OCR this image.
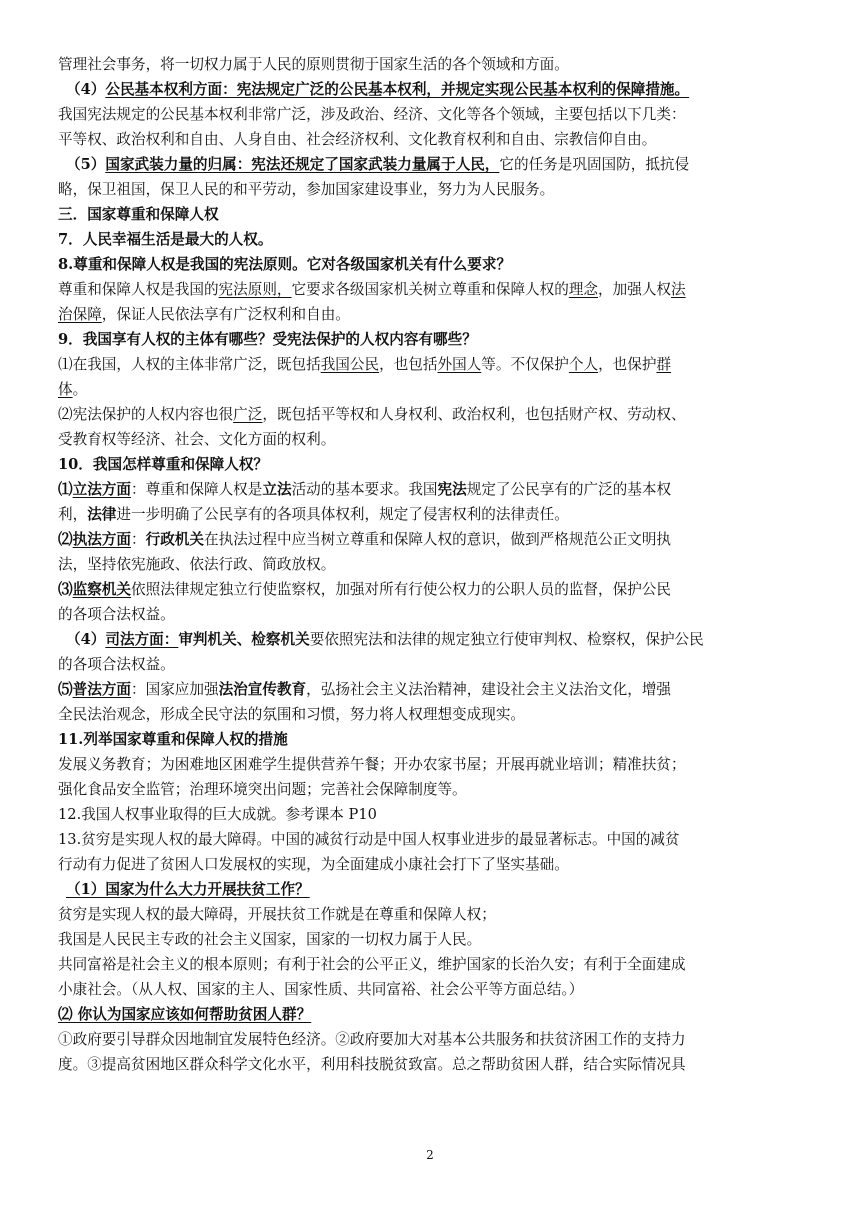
管理社会事务，将一切权力属于人民的原则贯彻于国家生活的各个领域和方面。
（4）公民基本权利方面：宪法规定广泛的公民基本权利，并规定实现公民基本权利的保障措施。
我国宪法规定的公民基本权利非常广泛，涉及政治、经济、文化等各个领域，主要包括以下几类：
平等权、政治权利和自由、人身自由、社会经济权利、文化教育权利和自由、宗教信仰自由。
（5）国家武装力量的归属：宪法还规定了国家武装力量属于人民，它的任务是巩固国防，抵抗侵
略，保卫祖国，保卫人民的和平劳动，参加国家建设事业，努力为人民服务。
三．国家尊重和保障人权
7．人民幸福生活是最大的人权。
8.尊重和保障人权是我国的宪法原则。它对各级国家机关有什么要求？
尊重和保障人权是我国的宪法原则，它要求各级国家机关树立尊重和保障人权的理念，加强人权法
治保障，保证人民依法享有广泛权利和自由。
9．我国享有人权的主体有哪些？受宪法保护的人权内容有哪些？
⑴在我国，人权的主体非常广泛，既包括我国公民，也包括外国人等。不仅保护个人，也保护群
体。
⑵宪法保护的人权内容也很广泛，既包括平等权和人身权利、政治权利，也包括财产权、劳动权、
受教育权等经济、社会、文化方面的权利。
10．我国怎样尊重和保障人权？
⑴立法方面：尊重和保障人权是立法活动的基本要求。我国宪法规定了公民享有的广泛的基本权
利，法律进一步明确了公民享有的各项具体权利，规定了侵害权利的法律责任。
⑵执法方面：行政机关在执法过程中应当树立尊重和保障人权的意识，做到严格规范公正文明执
法，坚持依宪施政、依法行政、简政放权。
⑶监察机关依照法律规定独立行使监察权，加强对所有行使公权力的公职人员的监督，保护公民
的各项合法权益。
（4）司法方面：审判机关、检察机关要依照宪法和法律的规定独立行使审判权、检察权，保护公民
的各项合法权益。
⑸普法方面：国家应加强法治宣传教育，弘扬社会主义法治精神，建设社会主义法治文化，增强
全民法治观念，形成全民守法的氛围和习惯，努力将人权理想变成现实。
11.列举国家尊重和保障人权的措施
发展义务教育；为困难地区困难学生提供营养午餐；开办农家书屋；开展再就业培训；精准扶贫；
强化食品安全监管；治理环境突出问题；完善社会保障制度等。
12.我国人权事业取得的巨大成就。参考课本 P10
13.贫穷是实现人权的最大障碍。中国的减贫行动是中国人权事业进步的最显著标志。中国的减贫
行动有力促进了贫困人口发展权的实现，为全面建成小康社会打下了坚实基础。
（1）国家为什么大力开展扶贫工作？
贫穷是实现人权的最大障碍，开展扶贫工作就是在尊重和保障人权；
我国是人民民主专政的社会主义国家，国家的一切权力属于人民。
共同富裕是社会主义的根本原则；有利于社会的公平正义，维护国家的长治久安；有利于全面建成
小康社会。（从人权、国家的主人、国家性质、共同富裕、社会公平等方面总结。）
⑵ 你认为国家应该如何帮助贫困人群？
①政府要引导群众因地制宜发展特色经济。②政府要加大对基本公共服务和扶贫济困工作的支持力
度。③提高贫困地区群众科学文化水平，利用科技脱贫致富。总之帮助贫困人群，结合实际情况具
2
